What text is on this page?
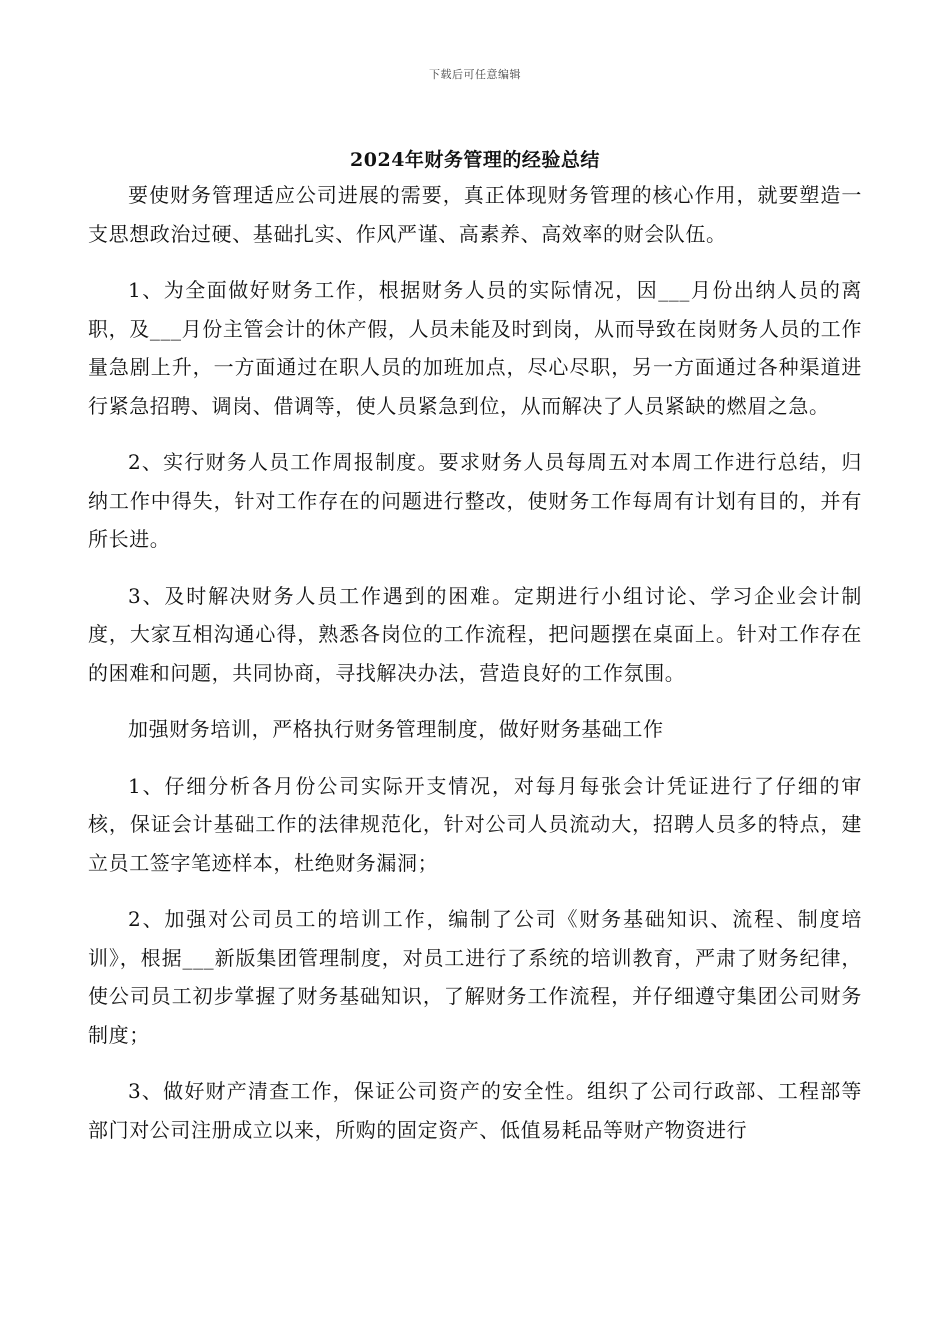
下载后可任意编辑
2024年财务管理的经验总结

要使财务管理适应公司进展的需要，真正体现财务管理的核心作用，就要塑造一支思想政治过硬、基础扎实、作风严谨、高素养、高效率的财会队伍。

1、为全面做好财务工作，根据财务人员的实际情况，因___月份出纳人员的离职，及___月份主管会计的休产假，人员未能及时到岗，从而导致在岗财务人员的工作量急剧上升，一方面通过在职人员的加班加点，尽心尽职，另一方面通过各种渠道进行紧急招聘、调岗、借调等，使人员紧急到位，从而解决了人员紧缺的燃眉之急。

2、实行财务人员工作周报制度。要求财务人员每周五对本周工作进行总结，归纳工作中得失，针对工作存在的问题进行整改，使财务工作每周有计划有目的，并有所长进。

3、及时解决财务人员工作遇到的困难。定期进行小组讨论、学习企业会计制度，大家互相沟通心得，熟悉各岗位的工作流程，把问题摆在桌面上。针对工作存在的困难和问题，共同协商，寻找解决办法，营造良好的工作氛围。

加强财务培训，严格执行财务管理制度，做好财务基础工作

1、仔细分析各月份公司实际开支情况，对每月每张会计凭证进行了仔细的审核，保证会计基础工作的法律规范化，针对公司人员流动大，招聘人员多的特点，建立员工签字笔迹样本，杜绝财务漏洞；

2、加强对公司员工的培训工作，编制了公司《财务基础知识、流程、制度培训》，根据___新版集团管理制度，对员工进行了系统的培训教育，严肃了财务纪律，使公司员工初步掌握了财务基础知识，了解财务工作流程，并仔细遵守集团公司财务制度；

3、做好财产清查工作，保证公司资产的安全性。组织了公司行政部、工程部等部门对公司注册成立以来，所购的固定资产、低值易耗品等财产物资进行
